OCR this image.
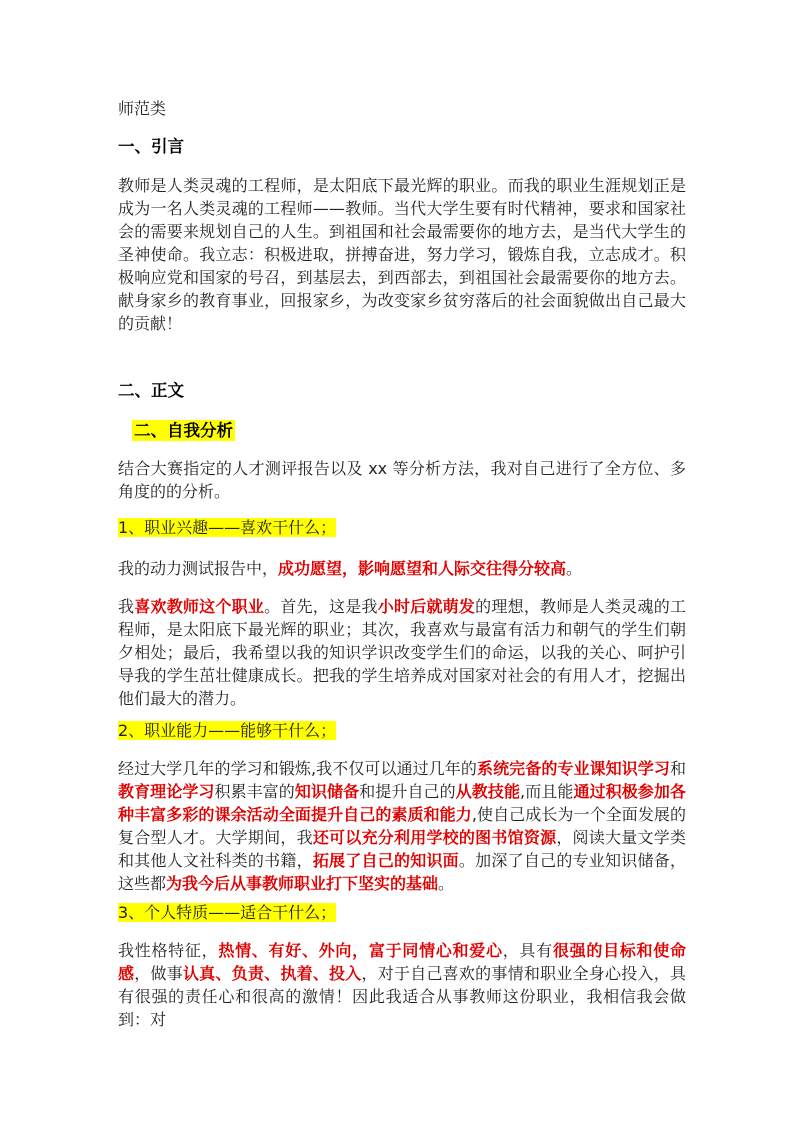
师范类
一、引言
教师是人类灵魂的工程师，是太阳底下最光辉的职业。而我的职业生涯规划正是成为一名人类灵魂的工程师——教师。当代大学生要有时代精神，要求和国家社会的需要来规划自己的人生。到祖国和社会最需要你的地方去，是当代大学生的圣神使命。我立志：积极进取，拼搏奋进，努力学习，锻炼自我，立志成才。积极响应党和国家的号召，到基层去，到西部去，到祖国社会最需要你的地方去。献身家乡的教育事业，回报家乡，为改变家乡贫穷落后的社会面貌做出自己最大的贡献！
二、正文
二、自我分析
结合大赛指定的人才测评报告以及 xx 等分析方法，我对自己进行了全方位、多角度的的分析。
1、职业兴趣——喜欢干什么；
我的动力测试报告中，成功愿望，影响愿望和人际交往得分较高。
我喜欢教师这个职业。首先，这是我小时后就萌发的理想，教师是人类灵魂的工程师，是太阳底下最光辉的职业；其次，我喜欢与最富有活力和朝气的学生们朝夕相处；最后，我希望以我的知识学识改变学生们的命运，以我的关心、呵护引导我的学生茁壮健康成长。把我的学生培养成对国家对社会的有用人才，挖掘出他们最大的潜力。
2、职业能力——能够干什么；
经过大学几年的学习和锻炼,我不仅可以通过几年的系统完备的专业课知识学习和教育理论学习积累丰富的知识储备和提升自己的从教技能,而且能通过积极参加各种丰富多彩的课余活动全面提升自己的素质和能力,使自己成长为一个全面发展的复合型人才。大学期间，我还可以充分利用学校的图书馆资源，阅读大量文学类和其他人文社科类的书籍，拓展了自己的知识面。加深了自己的专业知识储备，这些都为我今后从事教师职业打下坚实的基础。
3、个人特质——适合干什么；
我性格特征，热情、有好、外向，富于同情心和爱心，具有很强的目标和使命感，做事认真、负责、执着、投入，对于自己喜欢的事情和职业全身心投入，具有很强的责任心和很高的激情！因此我适合从事教师这份职业，我相信我会做到：对
